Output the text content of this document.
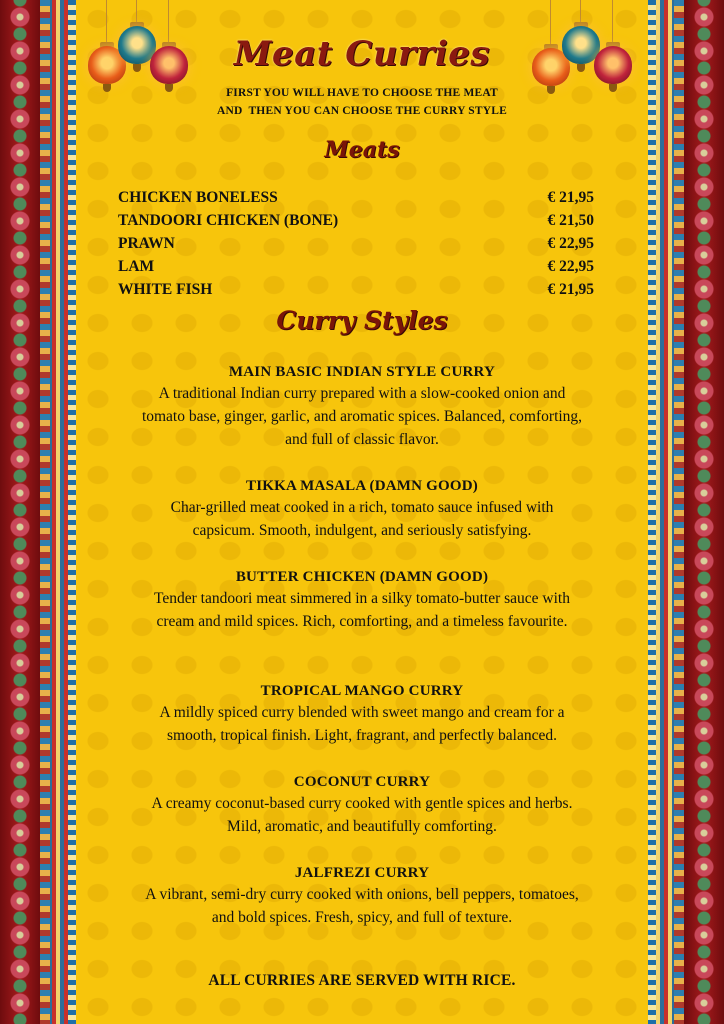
Meat Curries
FIRST YOU WILL HAVE TO CHOOSE THE MEAT
AND  THEN YOU CAN CHOOSE THE CURRY STYLE
Meats
CHICKEN BONELESS	€ 21,95
TANDOORI CHICKEN (BONE)	€ 21,50
PRAWN	€ 22,95
LAM	€ 22,95
WHITE FISH	€ 21,95
Curry Styles
MAIN BASIC INDIAN STYLE CURRY
A traditional Indian curry prepared with a slow-cooked onion and tomato base, ginger, garlic, and aromatic spices. Balanced, comforting, and full of classic flavor.
TIKKA MASALA (DAMN GOOD)
Char-grilled meat cooked in a rich, tomato sauce infused with capsicum. Smooth, indulgent, and seriously satisfying.
BUTTER CHICKEN (DAMN GOOD)
Tender tandoori meat simmered in a silky tomato-butter sauce with cream and mild spices. Rich, comforting, and a timeless favourite.
TROPICAL MANGO CURRY
A mildly spiced curry blended with sweet mango and cream for a smooth, tropical finish. Light, fragrant, and perfectly balanced.
COCONUT CURRY
A creamy coconut-based curry cooked with gentle spices and herbs. Mild, aromatic, and beautifully comforting.
JALFREZI CURRY
A vibrant, semi-dry curry cooked with onions, bell peppers, tomatoes, and bold spices. Fresh, spicy, and full of texture.
ALL CURRIES ARE SERVED WITH RICE.
